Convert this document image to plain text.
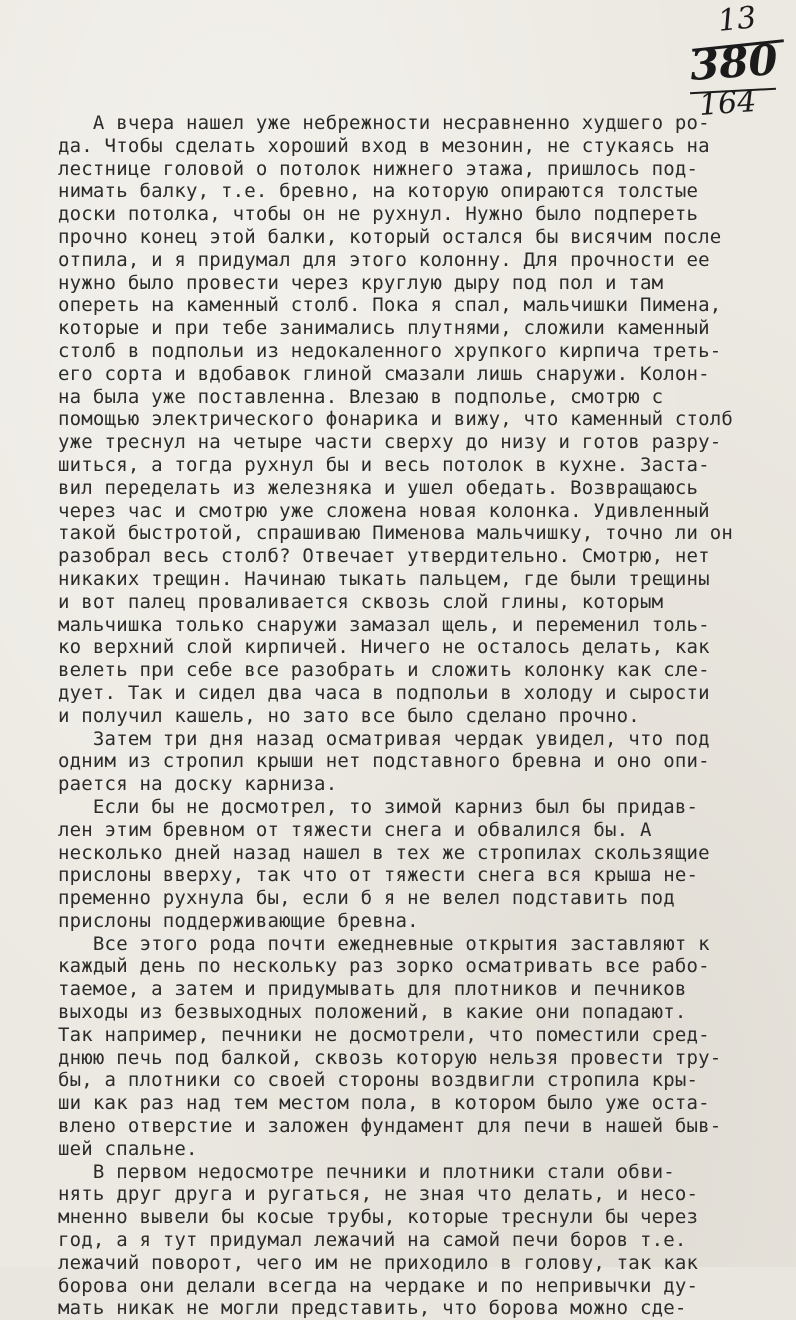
13
380
164
А вчера нашел уже небрежности несравненно худшего ро-
да. Чтобы сделать хороший вход в мезонин, не стукаясь на
лестнице головой о потолок нижнего этажа, пришлось под-
нимать балку, т.е. бревно, на которую опираются толстые
доски потолка, чтобы он не рухнул. Нужно было подпереть
прочно конец этой балки, который остался бы висячим после
отпила, и я придумал для этого колонну. Для прочности ее
нужно было провести через круглую дыру под пол и там
опереть на каменный столб. Пока я спал, мальчишки Пимена,
которые и при тебе занимались плутнями, сложили каменный
столб в подпольи из недокаленного хрупкого кирпича треть-
его сорта и вдобавок глиной смазали лишь снаружи. Колон-
на была уже поставленна. Влезаю в подполье, смотрю с
помощью электрического фонарика и вижу, что каменный столб
уже треснул на четыре части сверху до низу и готов разру-
шиться, а тогда рухнул бы и весь потолок в кухне. Заста-
вил переделать из железняка и ушел обедать. Возвращаюсь
через час и смотрю уже сложена новая колонка. Удивленный
такой быстротой, спрашиваю Пименова мальчишку, точно ли он
разобрал весь столб? Отвечает утвердительно. Смотрю, нет
никаких трещин. Начинаю тыкать пальцем, где были трещины
и вот палец проваливается сквозь слой глины, которым
мальчишка только снаружи замазал щель, и переменил толь-
ко верхний слой кирпичей. Ничего не осталось делать, как
велеть при себе все разобрать и сложить колонку как сле-
дует. Так и сидел два часа в подпольи в холоду и сырости
и получил кашель, но зато все было сделано прочно.
Затем три дня назад осматривая чердак увидел, что под
одним из стропил крыши нет подставного бревна и оно опи-
рается на доску карниза.
Если бы не досмотрел, то зимой карниз был бы придав-
лен этим бревном от тяжести снега и обвалился бы. А
несколько дней назад нашел в тех же стропилах скользящие
прислоны вверху, так что от тяжести снега вся крыша не-
пременно рухнула бы, если б я не велел подставить под
прислоны поддерживающие бревна.
Все этого рода почти ежедневные открытия заставляют к
каждый день по нескольку раз зорко осматривать все рабо-
таемое, а затем и придумывать для плотников и печников
выходы из безвыходных положений, в какие они попадают.
Так например, печники не досмотрели, что поместили сред-
днюю печь под балкой, сквозь которую нельзя провести тру-
бы, а плотники со своей стороны воздвигли стропила кры-
ши как раз над тем местом пола, в котором было уже оста-
влено отверстие и заложен фундамент для печи в нашей быв-
шей спальне.
В первом недосмотре печники и плотники стали обви-
нять друг друга и ругаться, не зная что делать, и несо-
мненно вывели бы косые трубы, которые треснули бы через
год, а я тут придумал лежачий на самой печи боров т.е.
лежачий поворот, чего им не приходило в голову, так как
борова они делали всегда на чердаке и по непривычки ду-
мать никак не могли представить, что борова можно сде-
